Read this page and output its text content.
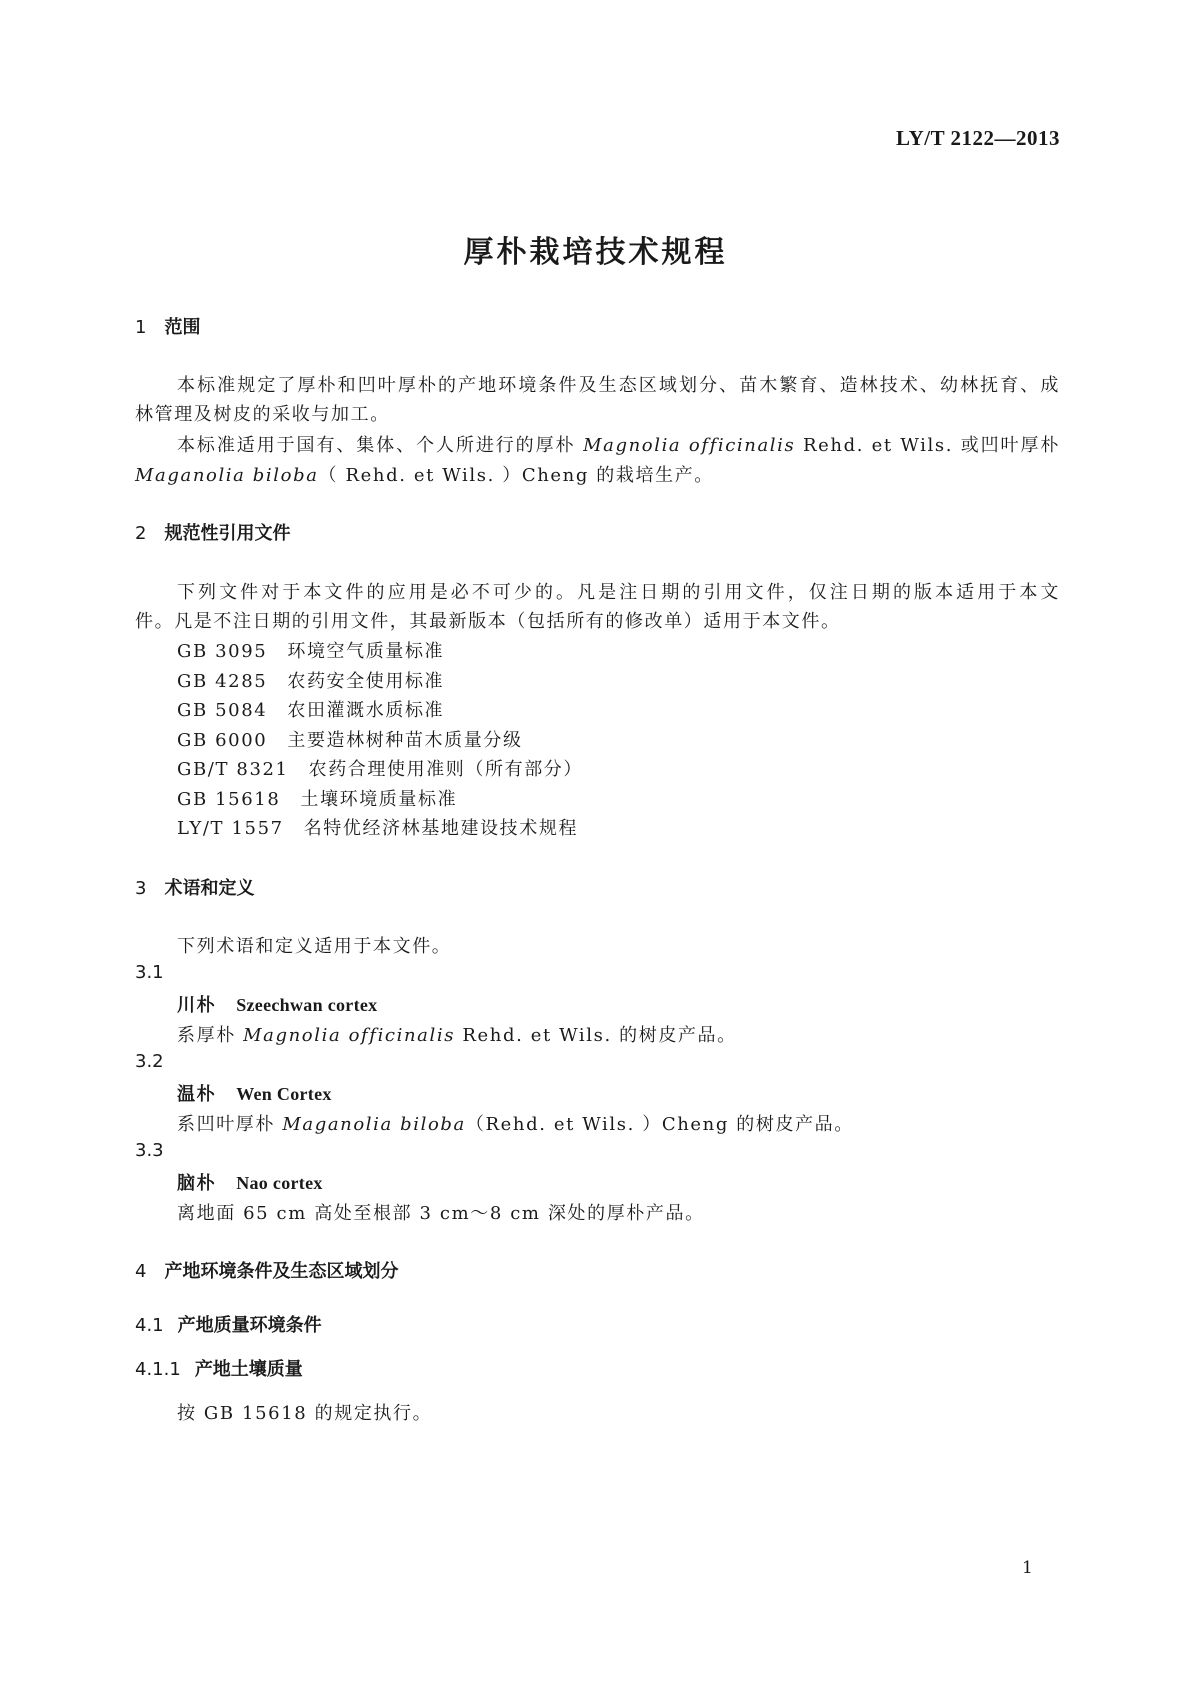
LY/T 2122—2013
厚朴栽培技术规程
1 范围
本标准规定了厚朴和凹叶厚朴的产地环境条件及生态区域划分、苗木繁育、造林技术、幼林抚育、成
林管理及树皮的采收与加工。
本标准适用于国有、集体、个人所进行的厚朴 Magnolia officinalis Rehd. et Wils. 或凹叶厚朴
Maganolia biloba（ Rehd. et Wils. ）Cheng 的栽培生产。
2 规范性引用文件
下列文件对于本文件的应用是必不可少的。凡是注日期的引用文件，仅注日期的版本适用于本文
件。凡是不注日期的引用文件，其最新版本（包括所有的修改单）适用于本文件。
GB 3095 环境空气质量标准
GB 4285 农药安全使用标准
GB 5084 农田灌溉水质标准
GB 6000 主要造林树种苗木质量分级
GB/T 8321 农药合理使用准则（所有部分）
GB 15618 土壤环境质量标准
LY/T 1557 名特优经济林基地建设技术规程
3 术语和定义
下列术语和定义适用于本文件。
3.1
川朴 Szeechwan cortex
系厚朴 Magnolia officinalis Rehd. et Wils. 的树皮产品。
3.2
温朴 Wen Cortex
系凹叶厚朴 Maganolia biloba（Rehd. et Wils. ）Cheng 的树皮产品。
3.3
脑朴 Nao cortex
离地面 65 cm 高处至根部 3 cm～8 cm 深处的厚朴产品。
4 产地环境条件及生态区域划分
4.1 产地质量环境条件
4.1.1 产地土壤质量
按 GB 15618 的规定执行。
1
